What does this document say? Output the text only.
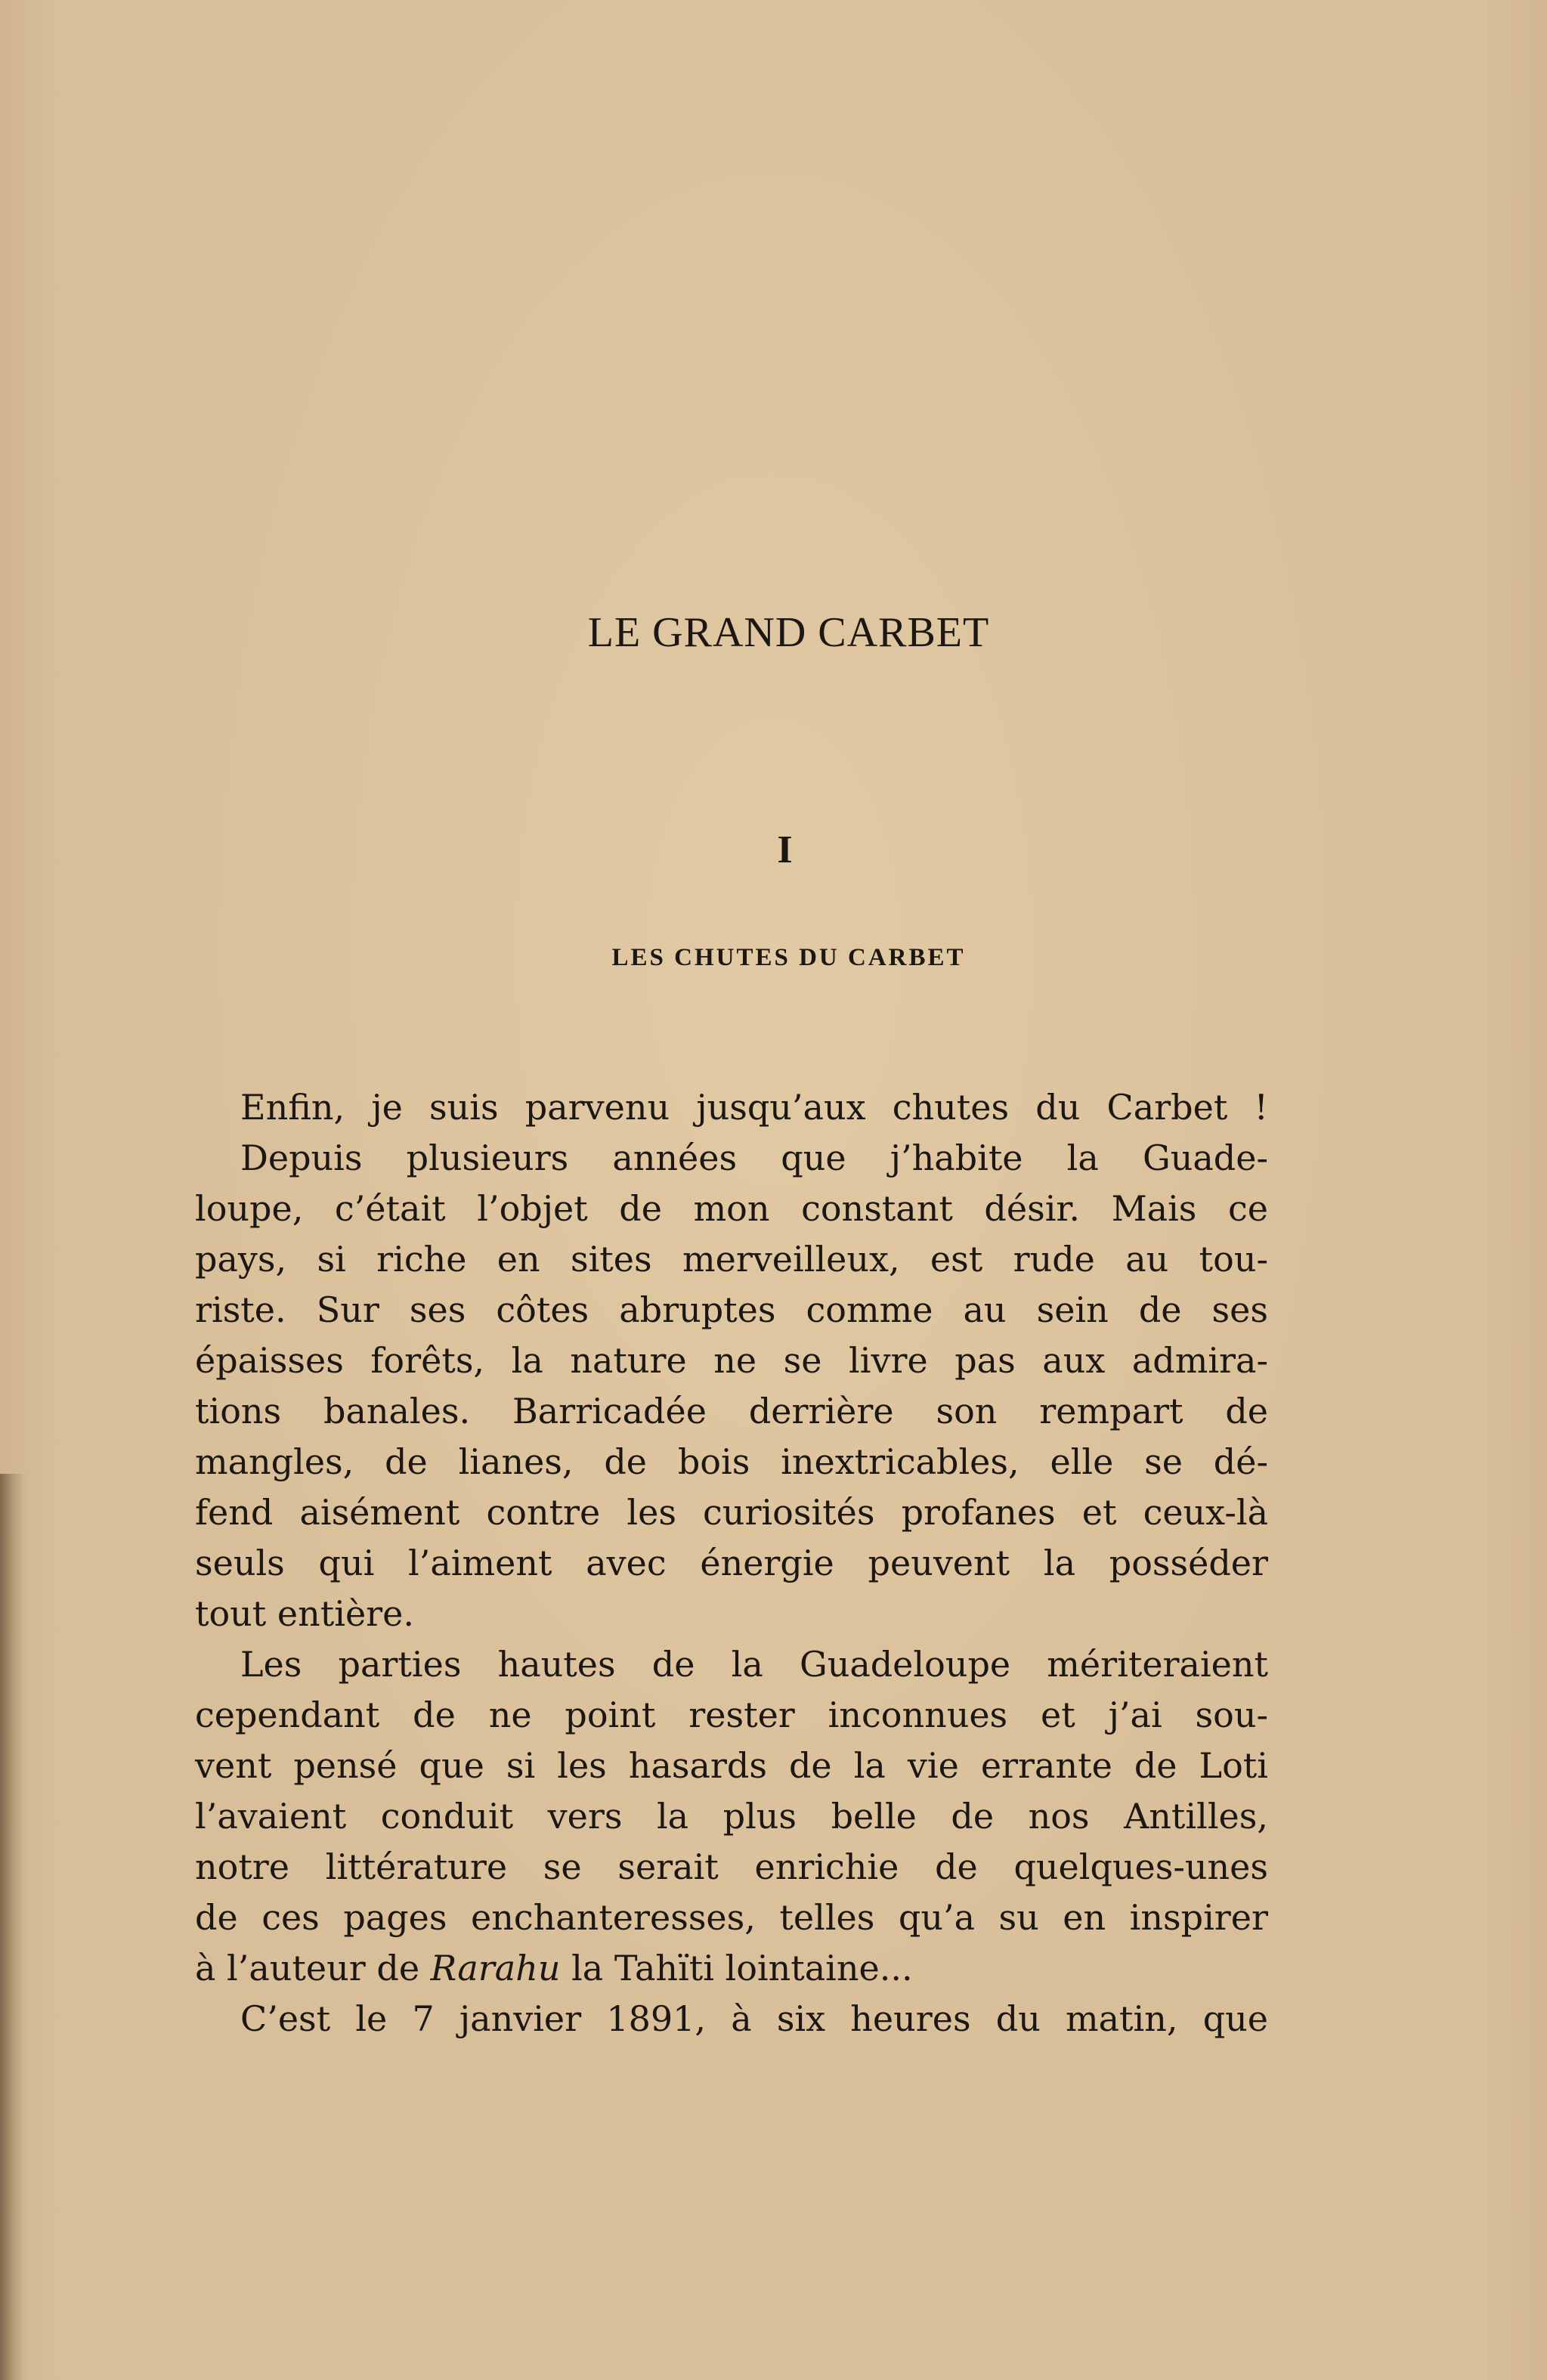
LE GRAND CARBET
I
LES CHUTES DU CARBET
Enfin, je suis parvenu jusqu’aux chutes du Carbet !
Depuis plusieurs années que j’habite la Guade-
loupe, c’était l’objet de mon constant désir. Mais ce
pays, si riche en sites merveilleux, est rude au tou-
riste. Sur ses côtes abruptes comme au sein de ses
épaisses forêts, la nature ne se livre pas aux admira-
tions banales. Barricadée derrière son rempart de
mangles, de lianes, de bois inextricables, elle se dé-
fend aisément contre les curiosités profanes et ceux-là
seuls qui l’aiment avec énergie peuvent la posséder
tout entière.
Les parties hautes de la Guadeloupe mériteraient
cependant de ne point rester inconnues et j’ai sou-
vent pensé que si les hasards de la vie errante de Loti
l’avaient conduit vers la plus belle de nos Antilles,
notre littérature se serait enrichie de quelques-unes
de ces pages enchanteresses, telles qu’a su en inspirer
à l’auteur de Rarahu la Tahïti lointaine...
C’est le 7 janvier 1891, à six heures du matin, que
